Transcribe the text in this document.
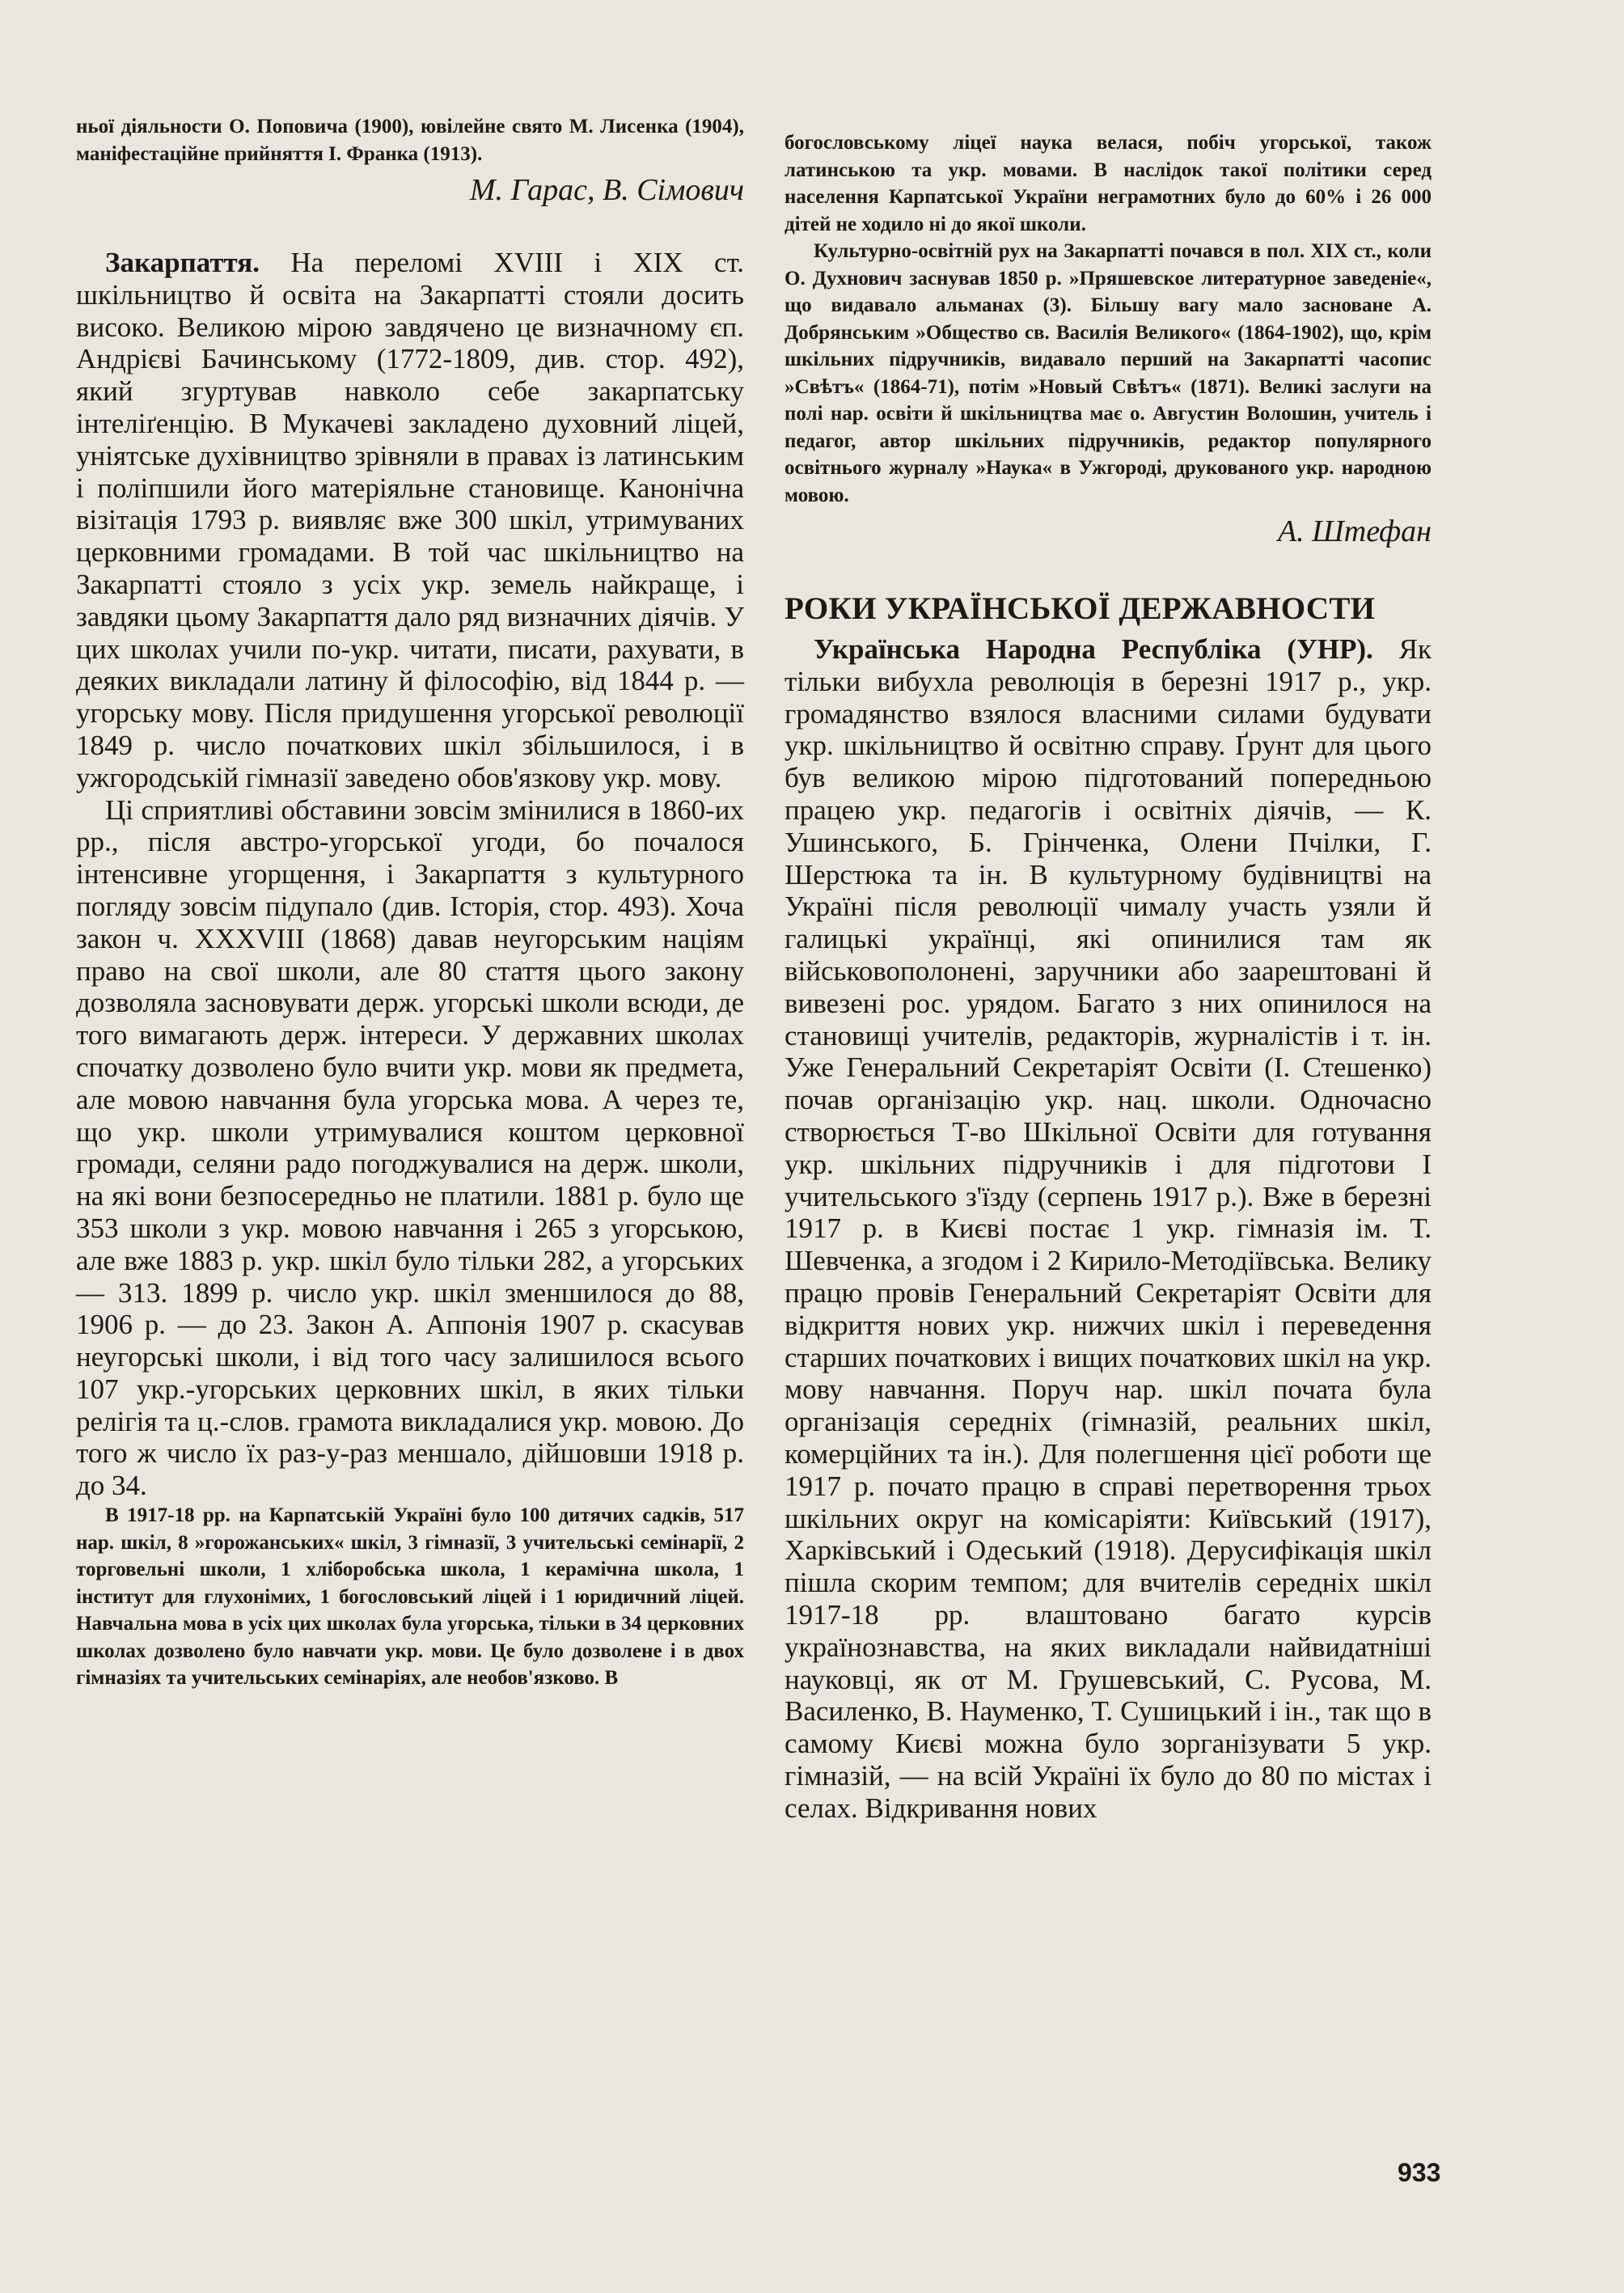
ньої діяльности О. Поповича (1900), ювілейне свято М. Лисенка (1904), маніфестаційне прийняття І. Франка (1913).

М. Гарас, В. Сімович

Закарпаття. На переломі XVIII і XIX ст. шкільництво й освіта на Закарпатті стояли досить високо. Великою мірою завдячено це визначному єп. Андрієві Бачинському (1772-1809, див. стор. 492), який згуртував навколо себе закарпатську інтеліґенцію. В Мукачеві закладено духовний ліцей, уніятське духівництво зрівняли в правах із латинським і поліпшили його матеріяльне становище. Канонічна візітація 1793 р. виявляє вже 300 шкіл, утримуваних церковними громадами. В той час шкільництво на Закарпатті стояло з усіх укр. земель найкраще, і завдяки цьому Закарпаття дало ряд визначних діячів. У цих школах учили по-укр. читати, писати, рахувати, в деяких викладали латину й філософію, від 1844 р. — угорську мову. Після придушення угорської революції 1849 р. число початкових шкіл збільшилося, і в ужгородській гімназії заведено обов'язкову укр. мову.

Ці сприятливі обставини зовсім змінилися в 1860-их рр., після австро-угорської угоди, бо почалося інтенсивне угорщення, і Закарпаття з культурного погляду зовсім підупало (див. Історія, стор. 493). Хоча закон ч. XXXVIII (1868) давав неугорським націям право на свої школи, але 80 стаття цього закону дозволяла засновувати держ. угорські школи всюди, де того вимагають держ. інтереси. У державних школах спочатку дозволено було вчити укр. мови як предмета, але мовою навчання була угорська мова. А через те, що укр. школи утримувалися коштом церковної громади, селяни радо погоджувалися на держ. школи, на які вони безпосередньо не платили. 1881 р. було ще 353 школи з укр. мовою навчання і 265 з угорською, але вже 1883 р. укр. шкіл було тільки 282, а угорських — 313. 1899 р. число укр. шкіл зменшилося до 88, 1906 р. — до 23. Закон А. Аппонія 1907 р. скасував неугорські школи, і від того часу залишилося всього 107 укр.-угорських церковних шкіл, в яких тільки релігія та ц.-слов. грамота викладалися укр. мовою. До того ж число їх раз-у-раз меншало, дійшовши 1918 р. до 34.

В 1917-18 рр. на Карпатській Україні було 100 дитячих садків, 517 нар. шкіл, 8 »горожанських« шкіл, 3 гімназії, 3 учительські семінарії, 2 торговельні школи, 1 хліборобська школа, 1 керамічна школа, 1 інститут для глухонімих, 1 богословський ліцей і 1 юридичний ліцей. Навчальна мова в усіх цих школах була угорська, тільки в 34 церковних школах дозволено було навчати укр. мови. Це було дозволене і в двох гімназіях та учительських семінаріях, але необов'язково. В

богословському ліцеї наука велася, побіч угорської, також латинською та укр. мовами. В наслідок такої політики серед населення Карпатської України неграмотних було до 60% і 26 000 дітей не ходило ні до якої школи.

Культурно-освітній рух на Закарпатті почався в пол. XIX ст., коли О. Духнович заснував 1850 р. »Пряшевское литературное заведеніе«, що видавало альманах (3). Більшу вагу мало засноване А. Добрянським »Общество св. Василія Великого« (1864-1902), що, крім шкільних підручників, видавало перший на Закарпатті часопис »Свѣтъ« (1864-71), потім »Новый Свѣтъ« (1871). Великі заслуги на полі нар. освіти й шкільництва має о. Августин Волошин, учитель і педагог, автор шкільних підручників, редактор популярного освітнього журналу »Наука« в Ужгороді, друкованого укр. народною мовою.

А. Штефан

РОКИ УКРАЇНСЬКОЇ ДЕРЖАВНОСТИ

Українська Народна Республіка (УНР). Як тільки вибухла революція в березні 1917 р., укр. громадянство взялося власними силами будувати укр. шкільництво й освітню справу. Ґрунт для цього був великою мірою підготований попередньою працею укр. педагогів і освітніх діячів, — К. Ушинського, Б. Грінченка, Олени Пчілки, Г. Шерстюка та ін. В культурному будівництві на Україні після революції чималу участь узяли й галицькі українці, які опинилися там як військовополонені, заручники або заарештовані й вивезені рос. урядом. Багато з них опинилося на становищі учителів, редакторів, журналістів і т. ін. Уже Генеральний Секретаріят Освіти (І. Стешенко) почав організацію укр. нац. школи. Одночасно створюється Т-во Шкільної Освіти для готування укр. шкільних підручників і для підготови І учительського з'їзду (серпень 1917 р.). Вже в березні 1917 р. в Києві постає 1 укр. гімназія ім. Т. Шевченка, а згодом і 2 Кирило-Методіївська. Велику працю провів Генеральний Секретаріят Освіти для відкриття нових укр. нижчих шкіл і переведення старших початкових і вищих початкових шкіл на укр. мову навчання. Поруч нар. шкіл почата була організація середніх (гімназій, реальних шкіл, комерційних та ін.). Для полегшення цієї роботи ще 1917 р. почато працю в справі перетворення трьох шкільних округ на комісаріяти: Київський (1917), Харківський і Одеський (1918). Дерусифікація шкіл пішла скорим темпом; для вчителів середніх шкіл 1917-18 рр. влаштовано багато курсів українознавства, на яких викладали найвидатніші науковці, як от М. Грушевський, С. Русова, М. Василенко, В. Науменко, Т. Сушицький і ін., так що в самому Києві можна було зорганізувати 5 укр. гімназій, — на всій Україні їх було до 80 по містах і селах. Відкривання нових

933
